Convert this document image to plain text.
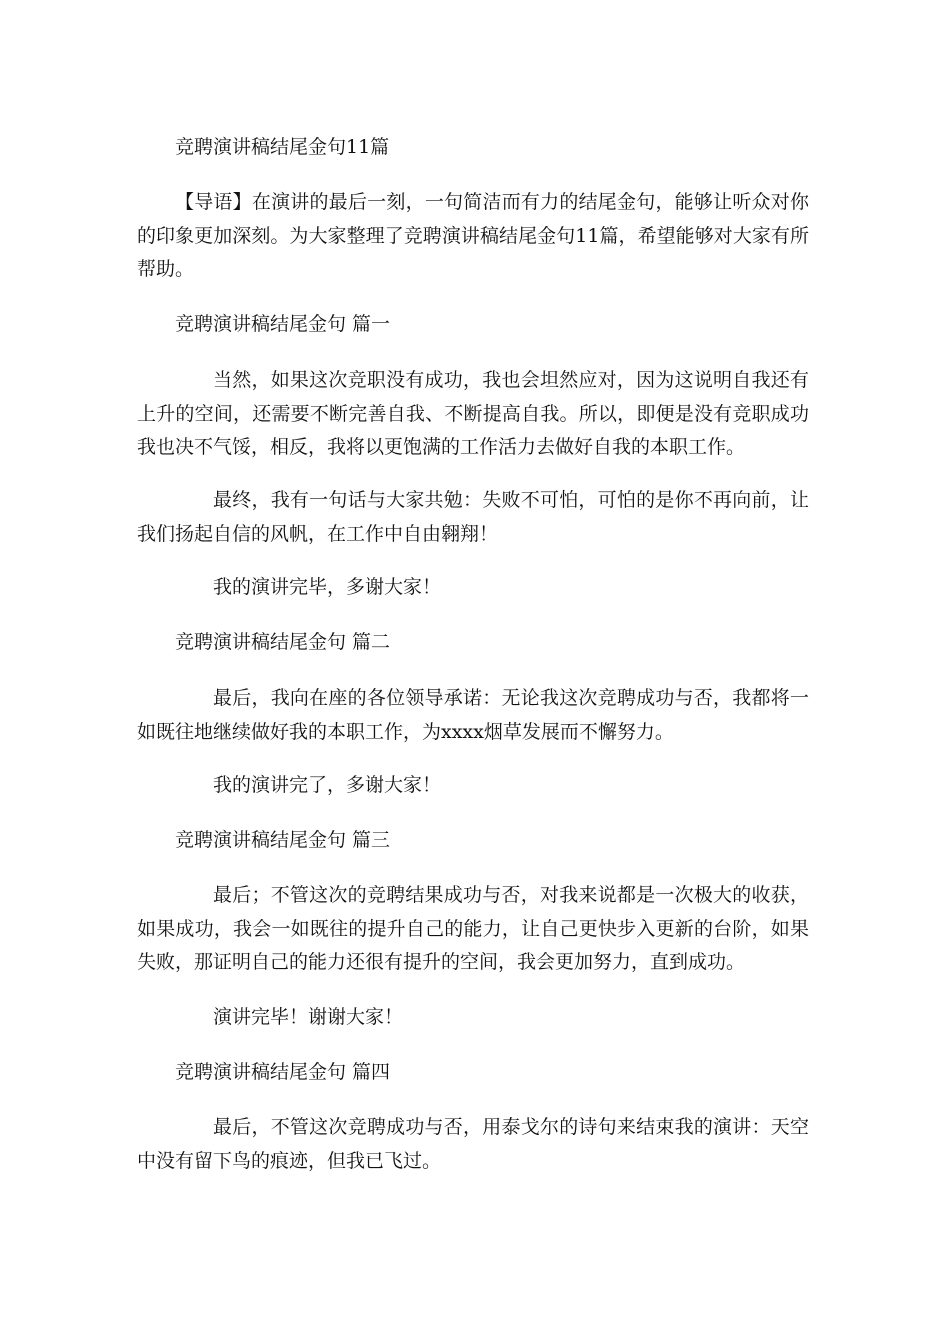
竞聘演讲稿结尾金句11篇

【导语】在演讲的最后一刻，一句简洁而有力的结尾金句，能够让听众对你的印象更加深刻。为大家整理了竞聘演讲稿结尾金句11篇，希望能够对大家有所帮助。

竞聘演讲稿结尾金句 篇一

当然，如果这次竞职没有成功，我也会坦然应对，因为这说明自我还有上升的空间，还需要不断完善自我、不断提高自我。所以，即便是没有竞职成功我也决不气馁，相反，我将以更饱满的工作活力去做好自我的本职工作。

最终，我有一句话与大家共勉：失败不可怕，可怕的是你不再向前，让我们扬起自信的风帆，在工作中自由翱翔！

我的演讲完毕，多谢大家！

竞聘演讲稿结尾金句 篇二

最后，我向在座的各位领导承诺：无论我这次竞聘成功与否，我都将一如既往地继续做好我的本职工作，为xxxx烟草发展而不懈努力。

我的演讲完了，多谢大家！

竞聘演讲稿结尾金句 篇三

最后；不管这次的竞聘结果成功与否，对我来说都是一次极大的收获，如果成功，我会一如既往的提升自己的能力，让自己更快步入更新的台阶，如果失败，那证明自己的能力还很有提升的空间，我会更加努力，直到成功。

演讲完毕！谢谢大家！

竞聘演讲稿结尾金句 篇四

最后，不管这次竞聘成功与否，用泰戈尔的诗句来结束我的演讲：天空中没有留下鸟的痕迹，但我已飞过。
